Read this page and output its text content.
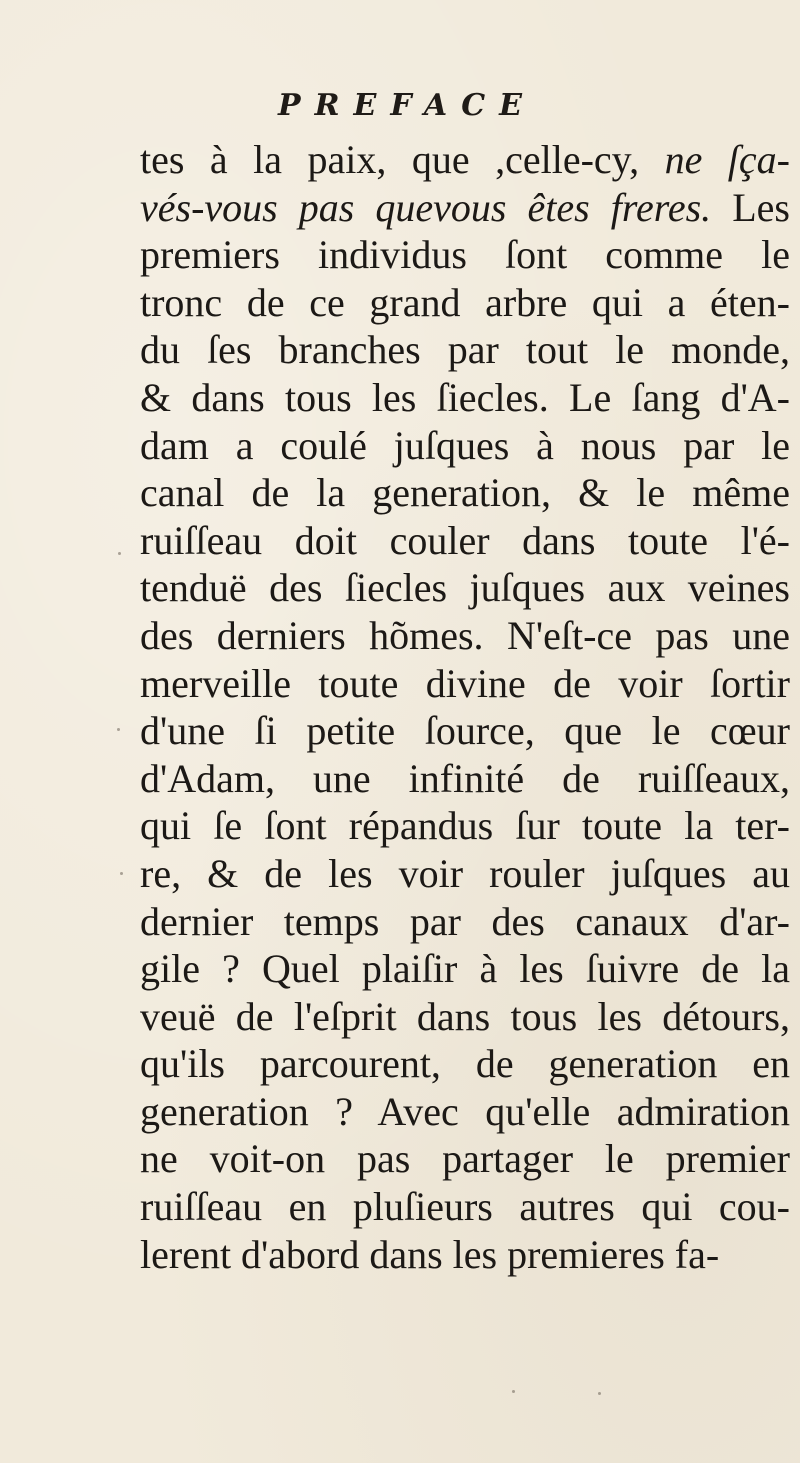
PREFACE
tes à la paix, que ,celle-cy, ne ſça-
vés-vous pas quevous êtes freres. Les
premiers individus ſont comme le
tronc de ce grand arbre qui a éten-
du ſes branches par tout le monde,
& dans tous les ſiecles. Le ſang d'A-
dam a coulé juſques à nous par le
canal de la generation, & le même
ruiſſeau doit couler dans toute l'é-
tenduë des ſiecles juſques aux veines
des derniers hõmes. N'eſt-ce pas une
merveille toute divine de voir ſortir
d'une ſi petite ſource, que le cœur
d'Adam, une infinité de ruiſſeaux,
qui ſe ſont répandus ſur toute la ter-
re, & de les voir rouler juſques au
dernier temps par des canaux d'ar-
gile ? Quel plaiſir à les ſuivre de la
veuë de l'eſprit dans tous les détours,
qu'ils parcourent, de generation en
generation ? Avec qu'elle admiration
ne voit-on pas partager le premier
ruiſſeau en pluſieurs autres qui cou-
lerent d'abord dans les premieres fa-
